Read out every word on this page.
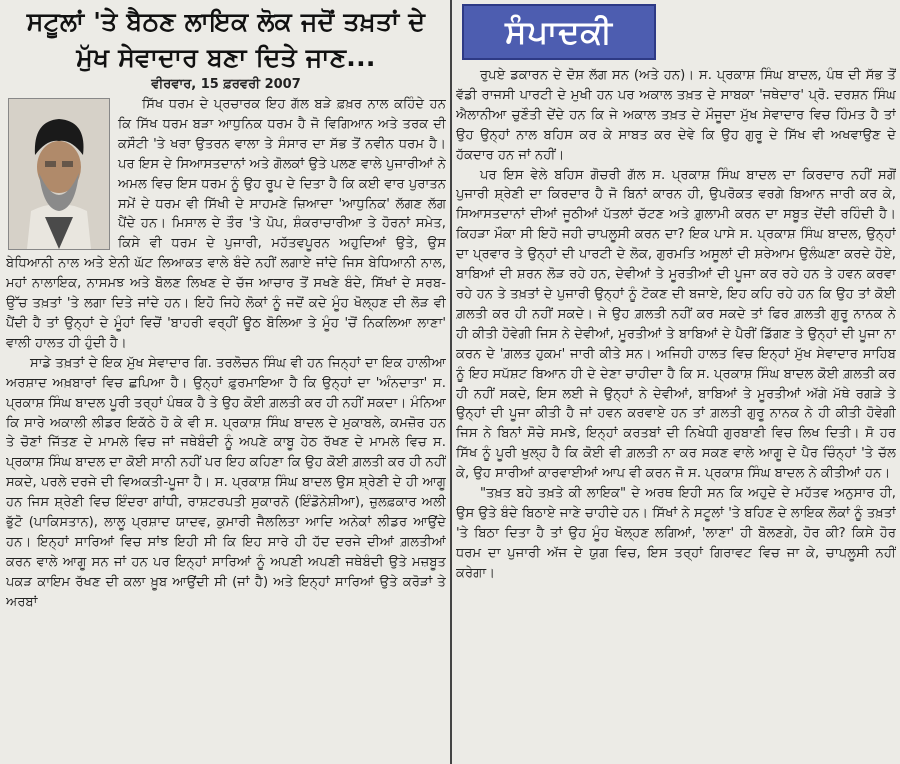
ਸਟੂਲਾਂ 'ਤੇ ਬੈਠਣ ਲਾਇਕ ਲੋਕ ਜਦੋਂ ਤਖ਼ਤਾਂ ਦੇ ਮੁੱਖ ਸੇਵਾਦਾਰ ਬਣਾ ਦਿਤੇ ਜਾਣ...
ਵੀਰਵਾਰ, 15 ਫ਼ਰਵਰੀ 2007

ਸਿੱਖ ਧਰਮ ਦੇ ਪ੍ਰਚਾਰਕ ਇਹ ਗੱਲ ਬੜੇ ਫ਼ਖ਼ਰ ਨਾਲ ਕਹਿੰਦੇ ਹਨ ਕਿ ਸਿੱਖ ਧਰਮ ਬੜਾ ਆਧੁਨਿਕ ਧਰਮ ਹੈ ਜੋ ਵਿਗਿਆਨ ਅਤੇ ਤਰਕ ਦੀ ਕਸੌਟੀ 'ਤੇ ਖਰਾ ਉਤਰਨ ਵਾਲਾ ਤੇ ਸੰਸਾਰ ਦਾ ਸੱਭ ਤੋਂ ਨਵੀਨ ਧਰਮ ਹੈ। ਪਰ ਇਸ ਦੇ ਸਿਆਸਤਦਾਨਾਂ ਅਤੇ ਗੋਲਕਾਂ ਉਤੇ ਪਲਣ ਵਾਲੇ ਪੁਜਾਰੀਆਂ ਨੇ ਅਮਲ ਵਿਚ ਇਸ ਧਰਮ ਨੂੰ ਉਹ ਰੂਪ ਦੇ ਦਿਤਾ ਹੈ ਕਿ ਕਈ ਵਾਰ ਪੁਰਾਤਨ ਸਮੇਂ ਦੇ ਧਰਮ ਵੀ ਸਿੱਖੀ ਦੇ ਸਾਹਮਣੇ ਜ਼ਿਆਦਾ 'ਆਧੁਨਿਕ' ਲੱਗਣ ਲੱਗ ਪੈਂਦੇ ਹਨ। ਮਿਸਾਲ ਦੇ ਤੌਰ 'ਤੇ ਪੋਪ, ਸ਼ੰਕਰਾਚਾਰੀਆ ਤੇ ਹੋਰਨਾਂ ਸਮੇਤ, ਕਿਸੇ ਵੀ ਧਰਮ ਦੇ ਪੁਜਾਰੀ, ਮਹੱਤਵਪੂਰਨ ਅਹੁਦਿਆਂ ਉਤੇ, ਉਸ ਬੇਧਿਆਨੀ ਨਾਲ ਅਤੇ ਏਨੀ ਘੱਟ ਲਿਆਕਤ ਵਾਲੇ ਬੰਦੇ ਨਹੀਂ ਲਗਾਏ ਜਾਂਦੇ ਜਿਸ ਬੇਧਿਆਨੀ ਨਾਲ, ਮਹਾਂ ਨਾਲਾਇਕ, ਨਾਸਮਝ ਅਤੇ ਬੋਲਣ ਲਿਖਣ ਦੇ ਚੱਜ ਆਚਾਰ ਤੋਂ ਸਖਣੇ ਬੰਦੇ, ਸਿੱਖਾਂ ਦੇ ਸਰਬ-ਉੱਚ ਤਖ਼ਤਾਂ 'ਤੇ ਲਗਾ ਦਿਤੇ ਜਾਂਦੇ ਹਨ। ਇਹੋ ਜਿਹੇ ਲੋਕਾਂ ਨੂੰ ਜਦੋਂ ਕਦੇ ਮੂੰਹ ਖੋਲ੍ਹਣ ਦੀ ਲੋੜ ਵੀ ਪੈਂਦੀ ਹੈ ਤਾਂ ਉਨ੍ਹਾਂ ਦੇ ਮੂੰਹਾਂ ਵਿਚੋਂ 'ਬਾਹਰੀ ਵਰ੍ਹੀਂ ਊਠ ਬੋਲਿਆ ਤੇ ਮੂੰਹ 'ਚੋਂ ਨਿਕਲਿਆ ਲਾਣਾ' ਵਾਲੀ ਹਾਲਤ ਹੀ ਹੁੰਦੀ ਹੈ।

ਸਾਡੇ ਤਖ਼ਤਾਂ ਦੇ ਇਕ ਮੁੱਖ ਸੇਵਾਦਾਰ ਗਿ. ਤਰਲੋਚਨ ਸਿੰਘ ਵੀ ਹਨ ਜਿਨ੍ਹਾਂ ਦਾ ਇਕ ਹਾਲੀਆ ਅਰਸ਼ਾਦ ਅਖ਼ਬਾਰਾਂ ਵਿਚ ਛਪਿਆ ਹੈ। ਉਨ੍ਹਾਂ ਫ਼ੁਰਮਾਇਆ ਹੈ ਕਿ ਉਨ੍ਹਾਂ ਦਾ 'ਅੰਨਦਾਤਾ' ਸ. ਪ੍ਰਕਾਸ਼ ਸਿੰਘ ਬਾਦਲ ਪੂਰੀ ਤਰ੍ਹਾਂ ਪੰਥਕ ਹੈ ਤੇ ਉਹ ਕੋਈ ਗ਼ਲਤੀ ਕਰ ਹੀ ਨਹੀਂ ਸਕਦਾ। ਮੰਨਿਆ ਕਿ ਸਾਰੇ ਅਕਾਲੀ ਲੀਡਰ ਇਕੱਠੇ ਹੋ ਕੇ ਵੀ ਸ. ਪ੍ਰਕਾਸ਼ ਸਿੰਘ ਬਾਦਲ ਦੇ ਮੁਕਾਬਲੇ, ਕਮਜ਼ੋਰ ਹਨ ਤੇ ਚੋਣਾਂ ਜਿੱਤਣ ਦੇ ਮਾਮਲੇ ਵਿਚ ਜਾਂ ਜਥੇਬੰਦੀ ਨੂੰ ਅਪਣੇ ਕਾਬੂ ਹੇਠ ਰੱਖਣ ਦੇ ਮਾਮਲੇ ਵਿਚ ਸ. ਪ੍ਰਕਾਸ਼ ਸਿੰਘ ਬਾਦਲ ਦਾ ਕੋਈ ਸਾਨੀ ਨਹੀਂ ਪਰ ਇਹ ਕਹਿਣਾ ਕਿ ਉਹ ਕੋਈ ਗ਼ਲਤੀ ਕਰ ਹੀ ਨਹੀਂ ਸਕਦੇ, ਪਰਲੇ ਦਰਜੇ ਦੀ ਵਿਅਕਤੀ-ਪੂਜਾ ਹੈ। ਸ. ਪ੍ਰਕਾਸ਼ ਸਿੰਘ ਬਾਦਲ ਉਸ ਸ਼੍ਰੇਣੀ ਦੇ ਹੀ ਆਗੂ ਹਨ ਜਿਸ ਸ਼੍ਰੇਣੀ ਵਿਚ ਇੰਦਰਾ ਗਾਂਧੀ, ਰਾਸ਼ਟਰਪਤੀ ਸੁਕਾਰਨੋ (ਇੰਡੋਨੇਸ਼ੀਆ), ਜ਼ੁਲਫ਼ਕਾਰ ਅਲੀ ਭੁੱਟੋ (ਪਾਕਿਸਤਾਨ), ਲਾਲੂ ਪ੍ਰਸ਼ਾਦ ਯਾਦਵ, ਕੁਮਾਰੀ ਜੈਲਲਿਤਾ ਆਦਿ ਅਨੇਕਾਂ ਲੀਡਰ ਆਉਂਦੇ ਹਨ। ਇਨ੍ਹਾਂ ਸਾਰਿਆਂ ਵਿਚ ਸਾਂਝ ਇਹੀ ਸੀ ਕਿ ਇਹ ਸਾਰੇ ਹੀ ਹੱਦ ਦਰਜੇ ਦੀਆਂ ਗ਼ਲਤੀਆਂ ਕਰਨ ਵਾਲੇ ਆਗੂ ਸਨ ਜਾਂ ਹਨ ਪਰ ਇਨ੍ਹਾਂ ਸਾਰਿਆਂ ਨੂੰ ਅਪਣੀ ਅਪਣੀ ਜਥੇਬੰਦੀ ਉਤੇ ਮਜ਼ਬੂਤ ਪਕੜ ਕਾਇਮ ਰੱਖਣ ਦੀ ਕਲਾ ਖ਼ੂਬ ਆਉਂਦੀ ਸੀ (ਜਾਂ ਹੈ) ਅਤੇ ਇਨ੍ਹਾਂ ਸਾਰਿਆਂ ਉਤੇ ਕਰੋੜਾਂ ਤੇ ਅਰਬਾਂ

ਸੰਪਾਦਕੀ

ਰੁਪਏ ਡਕਾਰਨ ਦੇ ਦੋਸ਼ ਲੱਗ ਸਨ (ਅਤੇ ਹਨ)। ਸ. ਪ੍ਰਕਾਸ਼ ਸਿੰਘ ਬਾਦਲ, ਪੰਥ ਦੀ ਸੱਭ ਤੋਂ ਵੱਡੀ ਰਾਜਸੀ ਪਾਰਟੀ ਦੇ ਮੁਖੀ ਹਨ ਪਰ ਅਕਾਲ ਤਖ਼ਤ ਦੇ ਸਾਬਕਾ 'ਜਥੇਦਾਰ' ਪ੍ਰੋ. ਦਰਸ਼ਨ ਸਿੰਘ ਐਲਾਨੀਆ ਚੁਣੌਤੀ ਦੇਂਦੇ ਹਨ ਕਿ ਜੇ ਅਕਾਲ ਤਖ਼ਤ ਦੇ ਮੌਜੂਦਾ ਮੁੱਖ ਸੇਵਾਦਾਰ ਵਿਚ ਹਿੰਮਤ ਹੈ ਤਾਂ ਉਹ ਉਨ੍ਹਾਂ ਨਾਲ ਬਹਿਸ ਕਰ ਕੇ ਸਾਬਤ ਕਰ ਦੇਵੇ ਕਿ ਉਹ ਗੁਰੂ ਦੇ ਸਿੱਖ ਵੀ ਅਖਵਾਉਣ ਦੇ ਹੱਕਦਾਰ ਹਨ ਜਾਂ ਨਹੀਂ।

ਪਰ ਇਸ ਵੇਲੇ ਬਹਿਸ ਗੋਚਰੀ ਗੱਲ ਸ. ਪ੍ਰਕਾਸ਼ ਸਿੰਘ ਬਾਦਲ ਦਾ ਕਿਰਦਾਰ ਨਹੀਂ ਸਗੋਂ ਪੁਜਾਰੀ ਸ਼੍ਰੇਣੀ ਦਾ ਕਿਰਦਾਰ ਹੈ ਜੋ ਬਿਨਾਂ ਕਾਰਨ ਹੀ, ਉਪਰੋਕਤ ਵਰਗੇ ਬਿਆਨ ਜਾਰੀ ਕਰ ਕੇ, ਸਿਆਸਤਦਾਨਾਂ ਦੀਆਂ ਜੂਠੀਆਂ ਪੱਤਲਾਂ ਚੱਟਣ ਅਤੇ ਗ਼ੁਲਾਮੀ ਕਰਨ ਦਾ ਸਬੂਤ ਦੇਂਦੀ ਰਹਿੰਦੀ ਹੈ। ਕਿਹੜਾ ਮੌਕਾ ਸੀ ਇਹੋ ਜਹੀ ਚਾਪਲੂਸੀ ਕਰਨ ਦਾ? ਇਕ ਪਾਸੇ ਸ. ਪ੍ਰਕਾਸ਼ ਸਿੰਘ ਬਾਦਲ, ਉਨ੍ਹਾਂ ਦਾ ਪ੍ਰਵਾਰ ਤੇ ਉਨ੍ਹਾਂ ਦੀ ਪਾਰਟੀ ਦੇ ਲੋਕ, ਗੁਰਮਤਿ ਅਸੂਲਾਂ ਦੀ ਸ਼ਰੇਆਮ ਉਲੰਘਣਾ ਕਰਦੇ ਹੋਏ, ਬਾਬਿਆਂ ਦੀ ਸ਼ਰਨ ਲੋੜ ਰਹੇ ਹਨ, ਦੇਵੀਆਂ ਤੇ ਮੂਰਤੀਆਂ ਦੀ ਪੂਜਾ ਕਰ ਰਹੇ ਹਨ ਤੇ ਹਵਨ ਕਰਵਾ ਰਹੇ ਹਨ ਤੇ ਤਖ਼ਤਾਂ ਦੇ ਪੁਜਾਰੀ ਉਨ੍ਹਾਂ ਨੂੰ ਟੋਕਣ ਦੀ ਬਜਾਏ, ਇਹ ਕਹਿ ਰਹੇ ਹਨ ਕਿ ਉਹ ਤਾਂ ਕੋਈ ਗ਼ਲਤੀ ਕਰ ਹੀ ਨਹੀਂ ਸਕਦੇ। ਜੇ ਉਹ ਗ਼ਲਤੀ ਨਹੀਂ ਕਰ ਸਕਦੇ ਤਾਂ ਫਿਰ ਗ਼ਲਤੀ ਗੁਰੂ ਨਾਨਕ ਨੇ ਹੀ ਕੀਤੀ ਹੋਵੇਗੀ ਜਿਸ ਨੇ ਦੇਵੀਆਂ, ਮੂਰਤੀਆਂ ਤੇ ਬਾਬਿਆਂ ਦੇ ਪੈਰੀਂ ਡਿੱਗਣ ਤੇ ਉਨ੍ਹਾਂ ਦੀ ਪੂਜਾ ਨਾ ਕਰਨ ਦੇ 'ਗ਼ਲਤ ਹੁਕਮ' ਜਾਰੀ ਕੀਤੇ ਸਨ। ਅਜਿਹੀ ਹਾਲਤ ਵਿਚ ਇਨ੍ਹਾਂ ਮੁੱਖ ਸੇਵਾਦਾਰ ਸਾਹਿਬ ਨੂੰ ਇਹ ਸਪੱਸ਼ਟ ਬਿਆਨ ਹੀ ਦੇ ਦੇਣਾ ਚਾਹੀਦਾ ਹੈ ਕਿ ਸ. ਪ੍ਰਕਾਸ਼ ਸਿੰਘ ਬਾਦਲ ਕੋਈ ਗ਼ਲਤੀ ਕਰ ਹੀ ਨਹੀਂ ਸਕਦੇ, ਇਸ ਲਈ ਜੇ ਉਨ੍ਹਾਂ ਨੇ ਦੇਵੀਆਂ, ਬਾਬਿਆਂ ਤੇ ਮੂਰਤੀਆਂ ਅੱਗੇ ਮੱਥੇ ਰਗੜੇ ਤੇ ਉਨ੍ਹਾਂ ਦੀ ਪੂਜਾ ਕੀਤੀ ਹੈ ਜਾਂ ਹਵਨ ਕਰਵਾਏ ਹਨ ਤਾਂ ਗ਼ਲਤੀ ਗੁਰੂ ਨਾਨਕ ਨੇ ਹੀ ਕੀਤੀ ਹੋਵੇਗੀ ਜਿਸ ਨੇ ਬਿਨਾਂ ਸੋਚੇ ਸਮਝੇ, ਇਨ੍ਹਾਂ ਕਰਤਬਾਂ ਦੀ ਨਿਖੇਧੀ ਗੁਰਬਾਣੀ ਵਿਚ ਲਿਖ ਦਿਤੀ। ਸੋ ਹਰ ਸਿੱਖ ਨੂੰ ਪੂਰੀ ਖੁਲ੍ਹ ਹੈ ਕਿ ਕੋਈ ਵੀ ਗ਼ਲਤੀ ਨਾ ਕਰ ਸਕਣ ਵਾਲੇ ਆਗੂ ਦੇ ਪੈਰ ਚਿੰਨ੍ਹਾਂ 'ਤੇ ਚੱਲ ਕੇ, ਉਹ ਸਾਰੀਆਂ ਕਾਰਵਾਈਆਂ ਆਪ ਵੀ ਕਰਨ ਜੋ ਸ. ਪ੍ਰਕਾਸ਼ ਸਿੰਘ ਬਾਦਲ ਨੇ ਕੀਤੀਆਂ ਹਨ।

"ਤਖ਼ਤ ਬਹੇ ਤਖ਼ਤੇ ਕੀ ਲਾਇਕ" ਦੇ ਅਰਥ ਇਹੀ ਸਨ ਕਿ ਅਹੁਦੇ ਦੇ ਮਹੱਤਵ ਅਨੁਸਾਰ ਹੀ, ਉਸ ਉਤੇ ਬੰਦੇ ਬਿਠਾਏ ਜਾਣੇ ਚਾਹੀਦੇ ਹਨ। ਸਿੱਖਾਂ ਨੇ ਸਟੂਲਾਂ 'ਤੇ ਬਹਿਣ ਦੇ ਲਾਇਕ ਲੋਕਾਂ ਨੂੰ ਤਖ਼ਤਾਂ 'ਤੇ ਬਿਠਾ ਦਿਤਾ ਹੈ ਤਾਂ ਉਹ ਮੂੰਹ ਖੋਲ੍ਹਣ ਲਗਿਆਂ, 'ਲਾਣਾ' ਹੀ ਬੋਲਣਗੇ, ਹੋਰ ਕੀ? ਕਿਸੇ ਹੋਰ ਧਰਮ ਦਾ ਪੁਜਾਰੀ ਅੱਜ ਦੇ ਯੁਗ ਵਿਚ, ਇਸ ਤਰ੍ਹਾਂ ਗਿਰਾਵਟ ਵਿਚ ਜਾ ਕੇ, ਚਾਪਲੂਸੀ ਨਹੀਂ ਕਰੇਗਾ।
